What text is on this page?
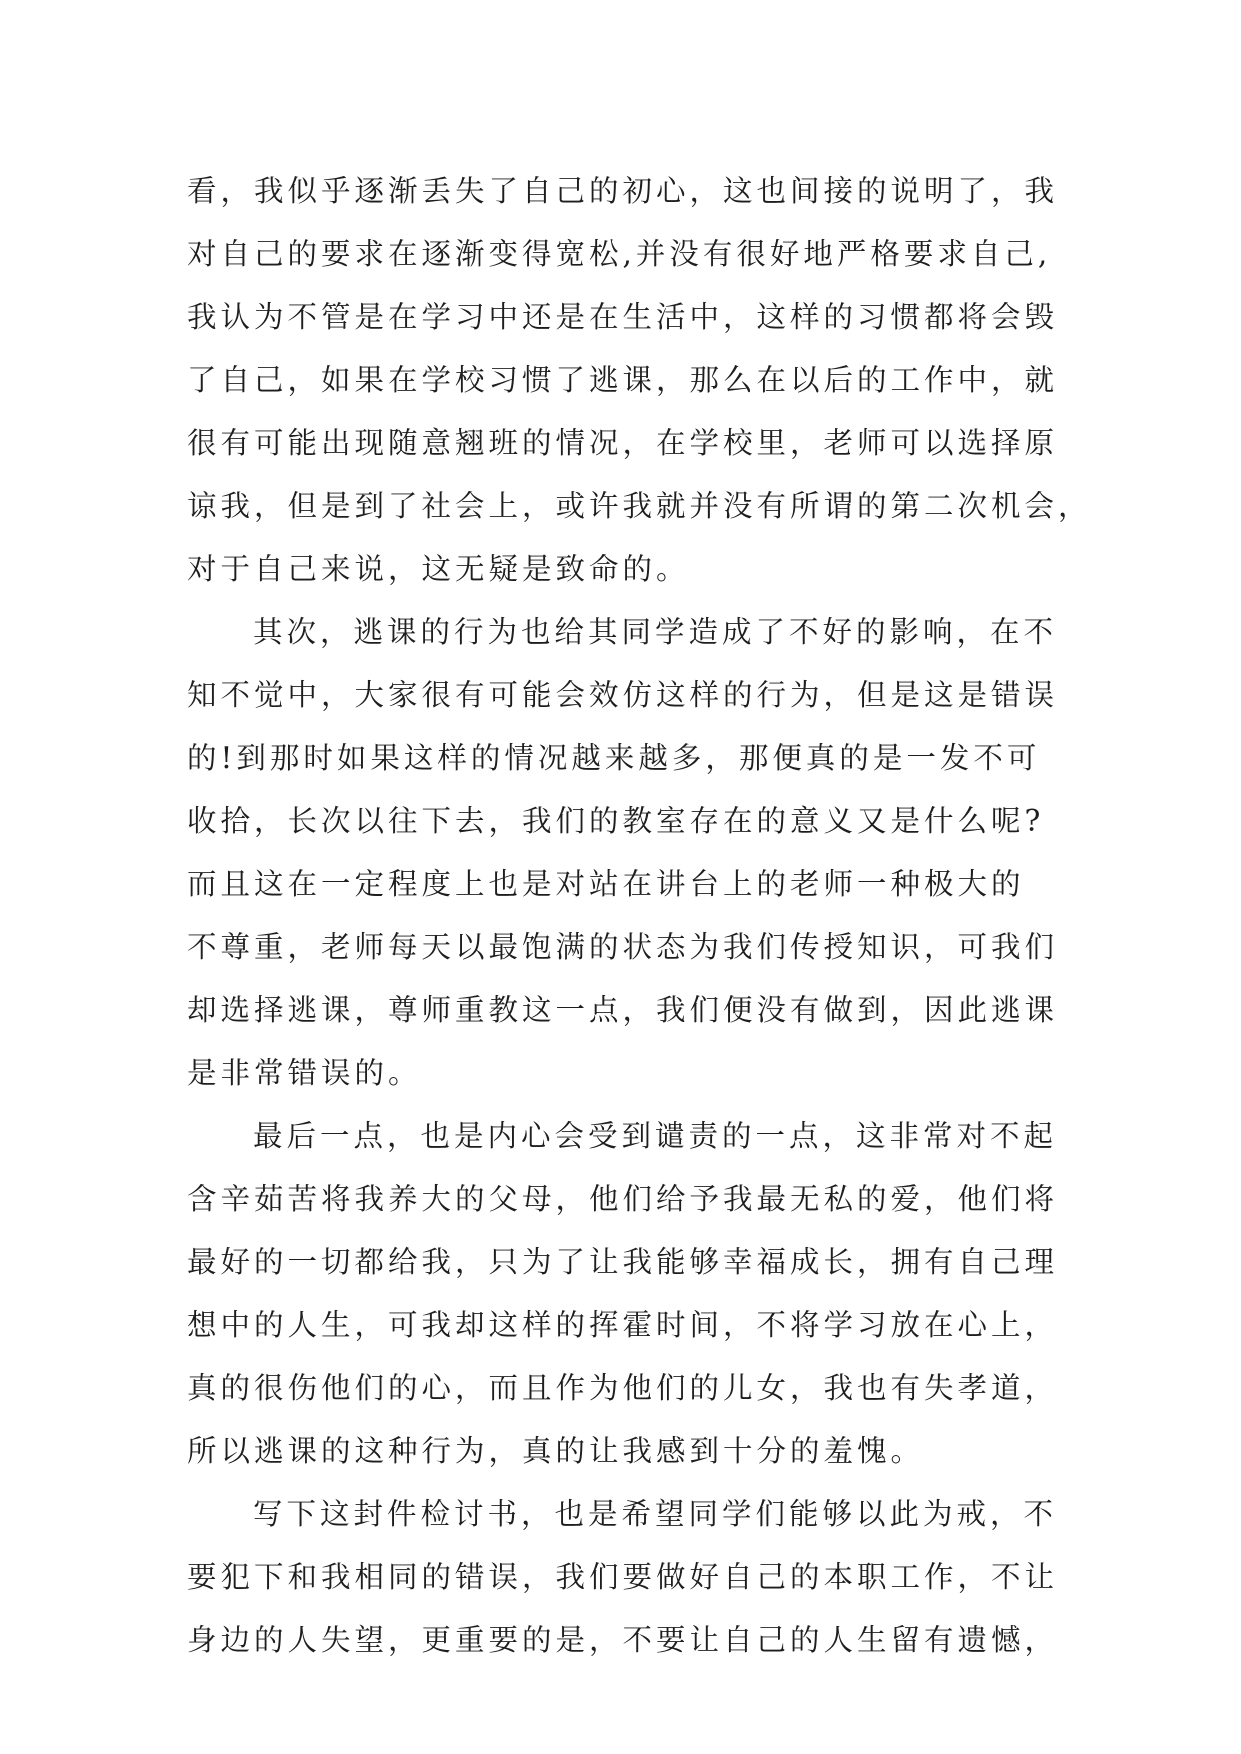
看，我似乎逐渐丢失了自己的初心，这也间接的说明了，我
对自己的要求在逐渐变得宽松,并没有很好地严格要求自己,
我认为不管是在学习中还是在生活中，这样的习惯都将会毁
了自己，如果在学校习惯了逃课，那么在以后的工作中，就
很有可能出现随意翘班的情况，在学校里，老师可以选择原
谅我，但是到了社会上，或许我就并没有所谓的第二次机会，
对于自己来说，这无疑是致命的。
其次，逃课的行为也给其同学造成了不好的影响，在不
知不觉中，大家很有可能会效仿这样的行为，但是这是错误
的!到那时如果这样的情况越来越多，那便真的是一发不可
收拾，长次以往下去，我们的教室存在的意义又是什么呢?
而且这在一定程度上也是对站在讲台上的老师一种极大的
不尊重，老师每天以最饱满的状态为我们传授知识，可我们
却选择逃课，尊师重教这一点，我们便没有做到，因此逃课
是非常错误的。
最后一点，也是内心会受到谴责的一点，这非常对不起
含辛茹苦将我养大的父母，他们给予我最无私的爱，他们将
最好的一切都给我，只为了让我能够幸福成长，拥有自己理
想中的人生，可我却这样的挥霍时间，不将学习放在心上，
真的很伤他们的心，而且作为他们的儿女，我也有失孝道，
所以逃课的这种行为，真的让我感到十分的羞愧。
写下这封件检讨书，也是希望同学们能够以此为戒，不
要犯下和我相同的错误，我们要做好自己的本职工作，不让
身边的人失望，更重要的是，不要让自己的人生留有遗憾，
